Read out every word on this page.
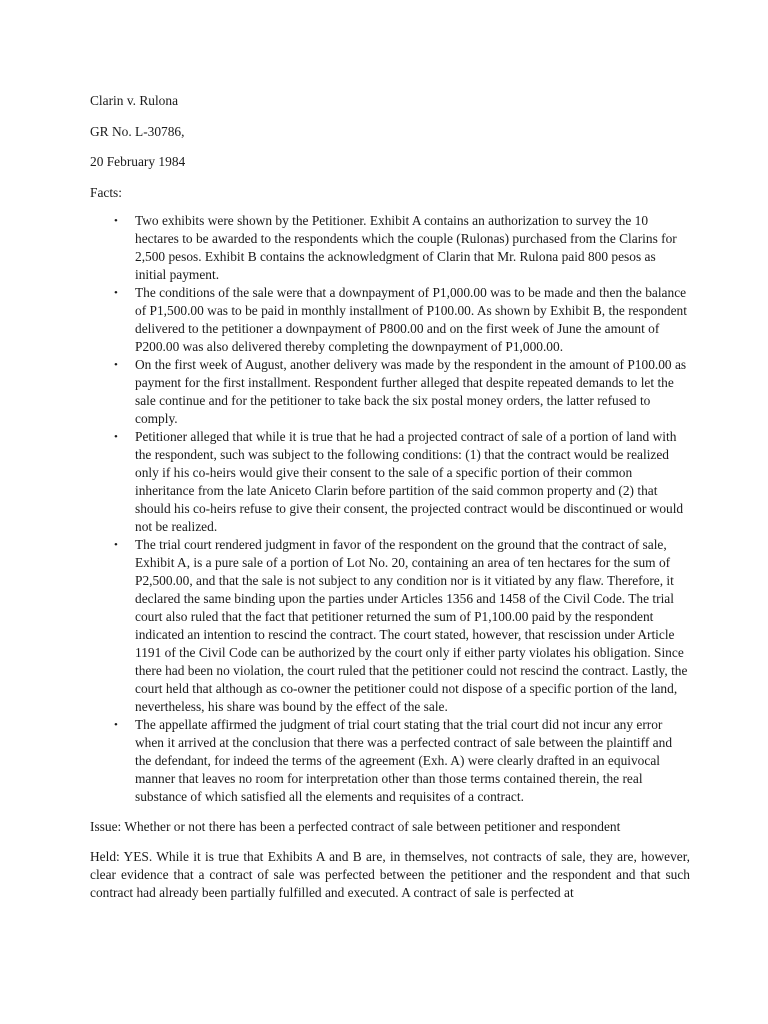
Clarin v. Rulona

GR No. L-30786,

20 February 1984

Facts:

• Two exhibits were shown by the Petitioner. Exhibit A contains an authorization to survey the 10 hectares to be awarded to the respondents which the couple (Rulonas) purchased from the Clarins for 2,500 pesos. Exhibit B contains the acknowledgment of Clarin that Mr. Rulona paid 800 pesos as initial payment.
• The conditions of the sale were that a downpayment of P1,000.00 was to be made and then the balance of P1,500.00 was to be paid in monthly installment of P100.00. As shown by Exhibit B, the respondent delivered to the petitioner a downpayment of P800.00 and on the first week of June the amount of P200.00 was also delivered thereby completing the downpayment of P1,000.00.
• On the first week of August, another delivery was made by the respondent in the amount of P100.00 as payment for the first installment. Respondent further alleged that despite repeated demands to let the sale continue and for the petitioner to take back the six postal money orders, the latter refused to comply.
• Petitioner alleged that while it is true that he had a projected contract of sale of a portion of land with the respondent, such was subject to the following conditions: (1) that the contract would be realized only if his co-heirs would give their consent to the sale of a specific portion of their common inheritance from the late Aniceto Clarin before partition of the said common property and (2) that should his co-heirs refuse to give their consent, the projected contract would be discontinued or would not be realized.
• The trial court rendered judgment in favor of the respondent on the ground that the contract of sale, Exhibit A, is a pure sale of a portion of Lot No. 20, containing an area of ten hectares for the sum of P2,500.00, and that the sale is not subject to any condition nor is it vitiated by any flaw. Therefore, it declared the same binding upon the parties under Articles 1356 and 1458 of the Civil Code. The trial court also ruled that the fact that petitioner returned the sum of P1,100.00 paid by the respondent indicated an intention to rescind the contract. The court stated, however, that rescission under Article 1191 of the Civil Code can be authorized by the court only if either party violates his obligation. Since there had been no violation, the court ruled that the petitioner could not rescind the contract. Lastly, the court held that although as co-owner the petitioner could not dispose of a specific portion of the land, nevertheless, his share was bound by the effect of the sale.
• The appellate affirmed the judgment of trial court stating that the trial court did not incur any error when it arrived at the conclusion that there was a perfected contract of sale between the plaintiff and the defendant, for indeed the terms of the agreement (Exh. A) were clearly drafted in an equivocal manner that leaves no room for interpretation other than those terms contained therein, the real substance of which satisfied all the elements and requisites of a contract.

Issue: Whether or not there has been a perfected contract of sale between petitioner and respondent

Held: YES. While it is true that Exhibits A and B are, in themselves, not contracts of sale, they are, however, clear evidence that a contract of sale was perfected between the petitioner and the respondent and that such contract had already been partially fulfilled and executed. A contract of sale is perfected at
